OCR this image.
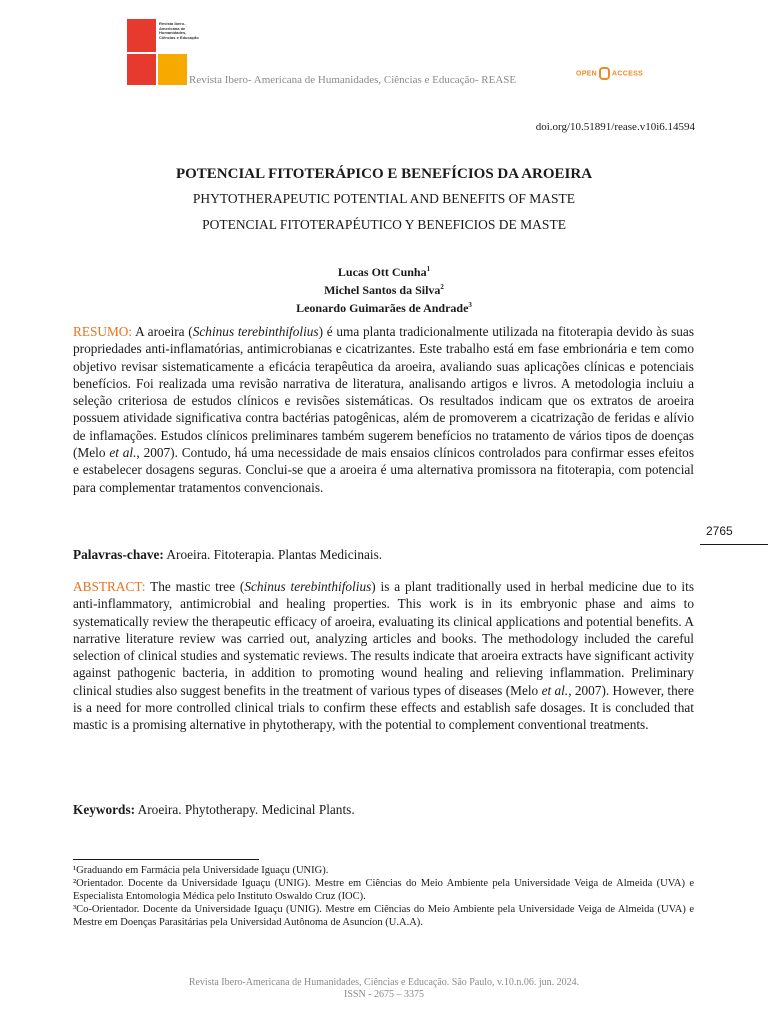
Revista Ibero-Americana de Humanidades, Ciências e Educação
Revista Ibero- Americana de Humanidades, Ciências e Educação- REASE
OPEN ACCESS
doi.org/10.51891/rease.v10i6.14594
POTENCIAL FITOTERÁPICO E BENEFÍCIOS DA AROEIRA
PHYTOTHERAPEUTIC POTENTIAL AND BENEFITS OF MASTE
POTENCIAL FITOTERAPÉUTICO Y BENEFICIOS DE MASTE
Lucas Ott Cunha$^1$
Michel Santos da Silva$^2$
Leonardo Guimarães de Andrade$^3$
RESUMO: A aroeira (Schinus terebinthifolius) é uma planta tradicionalmente utilizada na fitoterapia devido às suas propriedades anti-inflamatórias, antimicrobianas e cicatrizantes. Este trabalho está em fase embrionária e tem como objetivo revisar sistematicamente a eficácia terapêutica da aroeira, avaliando suas aplicações clínicas e potenciais benefícios. Foi realizada uma revisão narrativa de literatura, analisando artigos e livros. A metodologia incluiu a seleção criteriosa de estudos clínicos e revisões sistemáticas. Os resultados indicam que os extratos de aroeira possuem atividade significativa contra bactérias patogênicas, além de promoverem a cicatrização de feridas e alívio de inflamações. Estudos clínicos preliminares também sugerem benefícios no tratamento de vários tipos de doenças (Melo et al., 2007). Contudo, há uma necessidade de mais ensaios clínicos controlados para confirmar esses efeitos e estabelecer dosagens seguras. Conclui-se que a aroeira é uma alternativa promissora na fitoterapia, com potencial para complementar tratamentos convencionais.
Palavras-chave: Aroeira. Fitoterapia. Plantas Medicinais.
2765
ABSTRACT: The mastic tree (Schinus terebinthifolius) is a plant traditionally used in herbal medicine due to its anti-inflammatory, antimicrobial and healing properties. This work is in its embryonic phase and aims to systematically review the therapeutic efficacy of aroeira, evaluating its clinical applications and potential benefits. A narrative literature review was carried out, analyzing articles and books. The methodology included the careful selection of clinical studies and systematic reviews. The results indicate that aroeira extracts have significant activity against pathogenic bacteria, in addition to promoting wound healing and relieving inflammation. Preliminary clinical studies also suggest benefits in the treatment of various types of diseases (Melo et al., 2007). However, there is a need for more controlled clinical trials to confirm these effects and establish safe dosages. It is concluded that mastic is a promising alternative in phytotherapy, with the potential to complement conventional treatments.
Keywords: Aroeira. Phytotherapy. Medicinal Plants.
¹Graduando em Farmácia pela Universidade Iguaçu (UNIG).
²Orientador. Docente da Universidade Iguaçu (UNIG). Mestre em Ciências do Meio Ambiente pela Universidade Veiga de Almeida (UVA) e Especialista Entomologia Médica pelo Instituto Oswaldo Cruz (IOC).
³Co-Orientador. Docente da Universidade Iguaçu (UNIG). Mestre em Ciências do Meio Ambiente pela Universidade Veiga de Almeida (UVA) e Mestre em Doenças Parasitárias pela Universidad Autônoma de Asuncíon (U.A.A).
Revista Ibero-Americana de Humanidades, Ciências e Educação. São Paulo, v.10.n.06. jun. 2024.
ISSN - 2675 – 3375
